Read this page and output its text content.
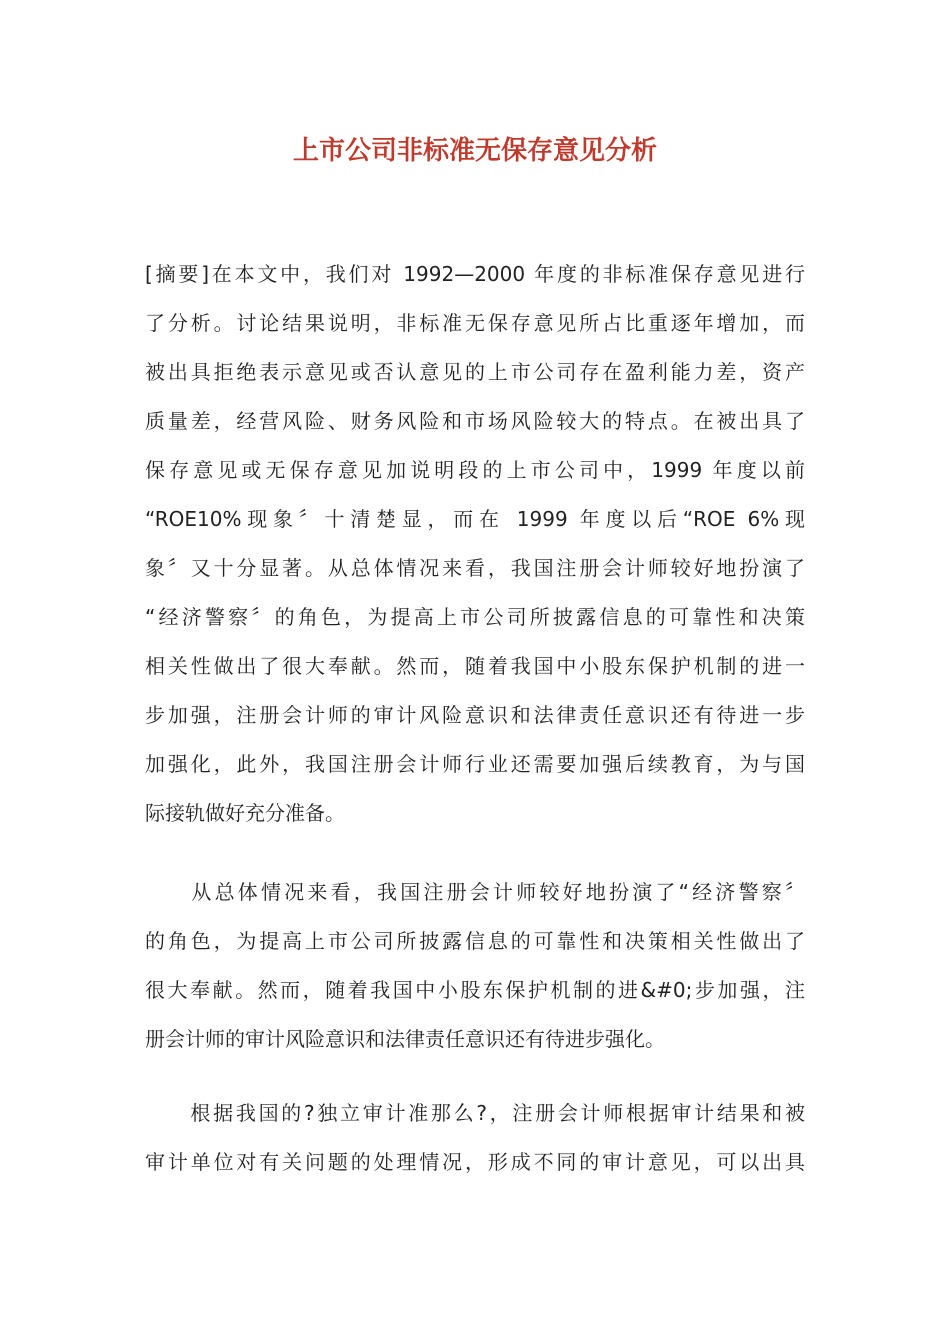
上市公司非标准无保存意见分析
[摘要]在本文中，我们对 1992—2000 年度的非标准保存意见进行
了分析。讨论结果说明，非标准无保存意见所占比重逐年增加，而
被出具拒绝表示意见或否认意见的上市公司存在盈利能力差，资产
质量差，经营风险、财务风险和市场风险较大的特点。在被出具了
保存意见或无保存意见加说明段的上市公司中，1999 年度以前
“ROE10%现象〞十清楚显，而在 1999 年度以后“ROE 6%现
象〞又十分显著。从总体情况来看，我国注册会计师较好地扮演了
“经济警察〞的角色，为提高上市公司所披露信息的可靠性和决策
相关性做出了很大奉献。然而，随着我国中小股东保护机制的进一
步加强，注册会计师的审计风险意识和法律责任意识还有待进一步
加强化，此外，我国注册会计师行业还需要加强后续教育，为与国
际接轨做好充分准备。
　　从总体情况来看，我国注册会计师较好地扮演了“经济警察〞
的角色，为提高上市公司所披露信息的可靠性和决策相关性做出了
很大奉献。然而，随着我国中小股东保护机制的进&#0;步加强，注
册会计师的审计风险意识和法律责任意识还有待进步强化。
　　根据我国的?独立审计准那么?，注册会计师根据审计结果和被
审计单位对有关问题的处理情况，形成不同的审计意见，可以出具
